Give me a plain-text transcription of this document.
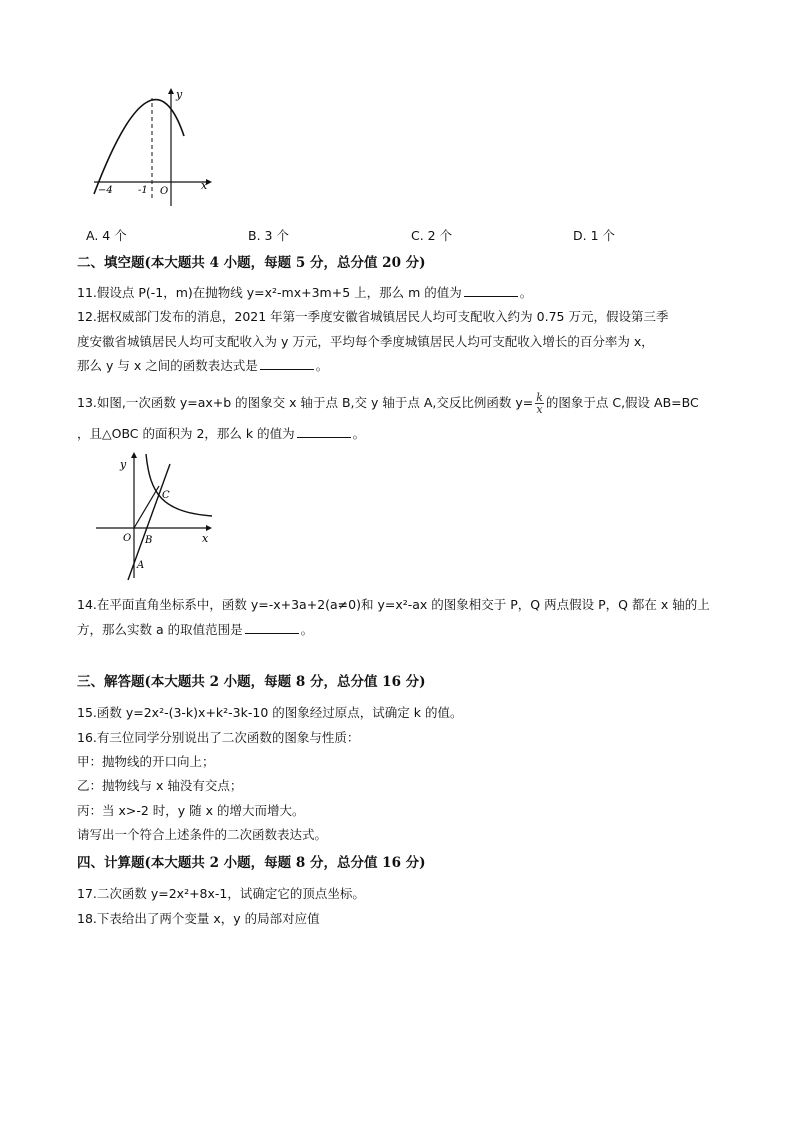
y
x
O
−4	-1
A. 4 个	B. 3 个	C. 2 个	D. 1 个
二、填空题(本大题共 4 小题，每题 5 分，总分值 20 分)
11.假设点 P(-1，m)在抛物线 y=x²-mx+3m+5 上，那么 m 的值为	。
12.据权威部门发布的消息，2021 年第一季度安徽省城镇居民人均可支配收入约为 0.75 万元，假设第三季
度安徽省城镇居民人均可支配收入为 y 万元，平均每个季度城镇居民人均可支配收入增长的百分率为 x，
那么 y 与 x 之间的函数表达式是	。
13.如图,一次函数 y=ax+b 的图象交 x 轴于点 B,交 y 轴于点 A,交反比例函数 $y= \frac{k}{x}$ 的图象于点 C,假设 AB=BC
，且△OBC 的面积为 2，那么 k 的值为	。
y
x
O
A
B
C
14.在平面直角坐标系中，函数 y=-x+3a+2(a≠0)和 y=x²-ax 的图象相交于 P，Q 两点假设 P，Q 都在 x 轴的上
方，那么实数 a 的取值范围是	。
三、解答题(本大题共 2 小题，每题 8 分，总分值 16 分)
15.函数 y=2x²-(3-k)x+k²-3k-10 的图象经过原点，试确定 k 的值。
16.有三位同学分别说出了二次函数的图象与性质：
甲：抛物线的开口向上；
乙：抛物线与 x 轴没有交点；
丙：当 x>-2 时，y 随 x 的增大而增大。
请写出一个符合上述条件的二次函数表达式。
四、计算题(本大题共 2 小题，每题 8 分，总分值 16 分)
17.二次函数 y=2x²+8x-1，试确定它的顶点坐标。
18.下表给出了两个变量 x，y 的局部对应值
